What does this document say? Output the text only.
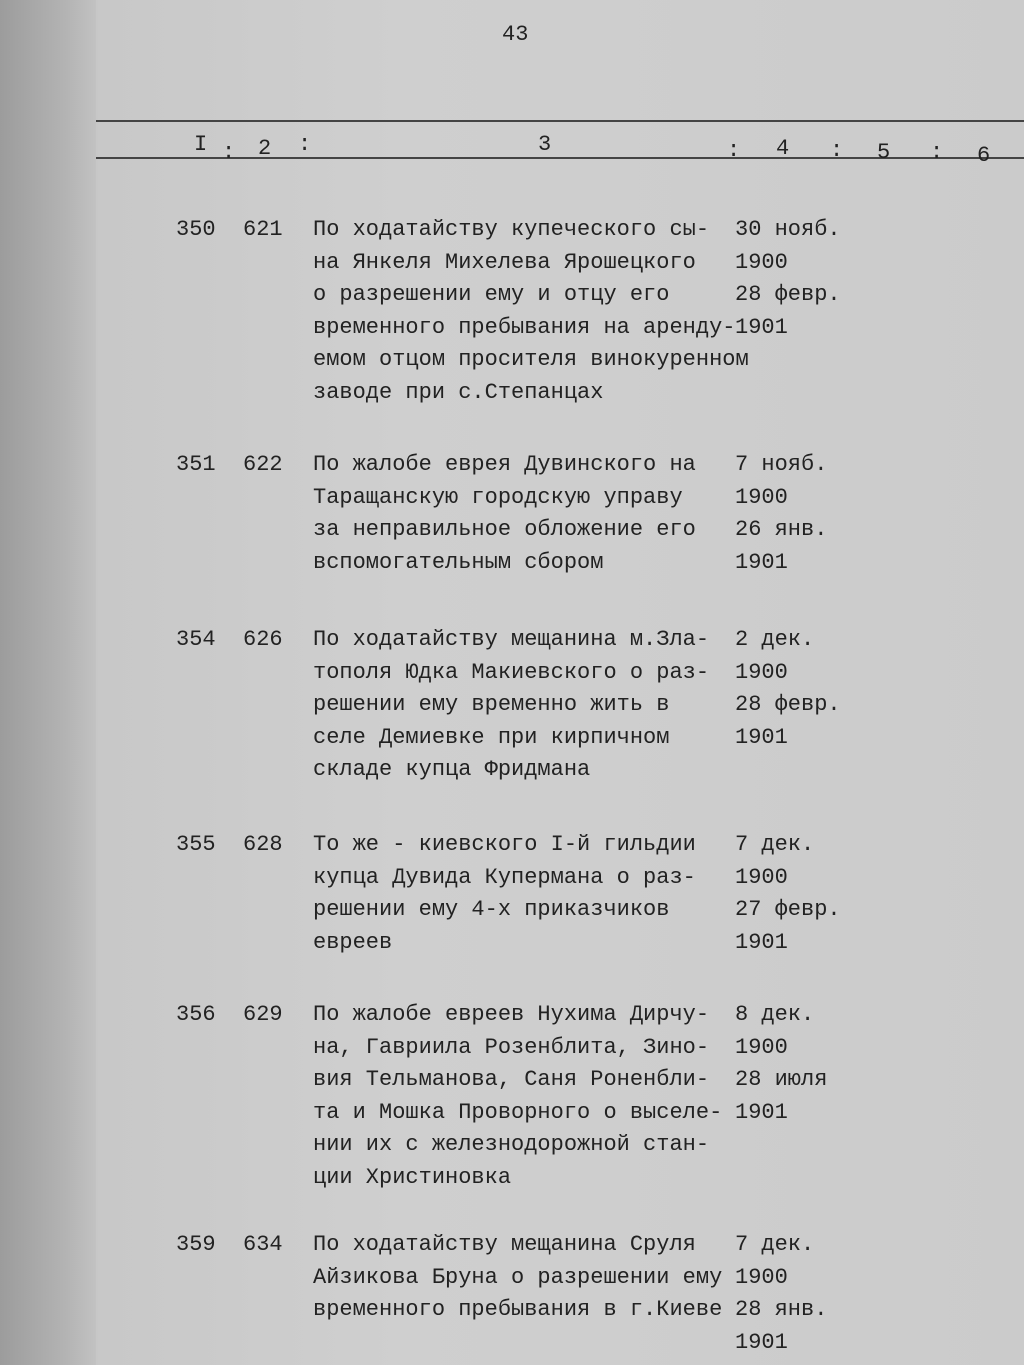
43
I : 2 :	3	: 4 : 5 : 6
350 621 По ходатайству купеческого сы-
на Янкеля Михелева Ярошецкого
о разрешении ему и отцу его
временного пребывания на аренду-
емом отцом просителя винокуренном
заводе при с.Степанцах
30 нояб.
1900
28 февр.
1901
351 622 По жалобе еврея Дувинского на
Таращанскую городскую управу
за неправильное обложение его
вспомогательным сбором
7 нояб.
1900
26 янв.
1901
354 626 По ходатайству мещанина м.Зла-
тополя Юдка Макиевского о раз-
решении ему временно жить в
селе Демиевке при кирпичном
складе купца Фридмана
2 дек.
1900
28 февр.
1901
355 628 То же - киевского I-й гильдии
купца Дувида Купермана о раз-
решении ему 4-х приказчиков
евреев
7 дек.
1900
27 февр.
1901
356 629 По жалобе евреев Нухима Дирчу-
на, Гавриила Розенблита, Зино-
вия Тельманова, Саня Роненбли-
та и Мошка Проворного о выселе-
нии их с железнодорожной стан-
ции Христиновка
8 дек.
1900
28 июля
1901
359 634 По ходатайству мещанина Сруля
Айзикова Бруна о разрешении ему
временного пребывания в г.Киеве
7 дек.
1900
28 янв.
1901
